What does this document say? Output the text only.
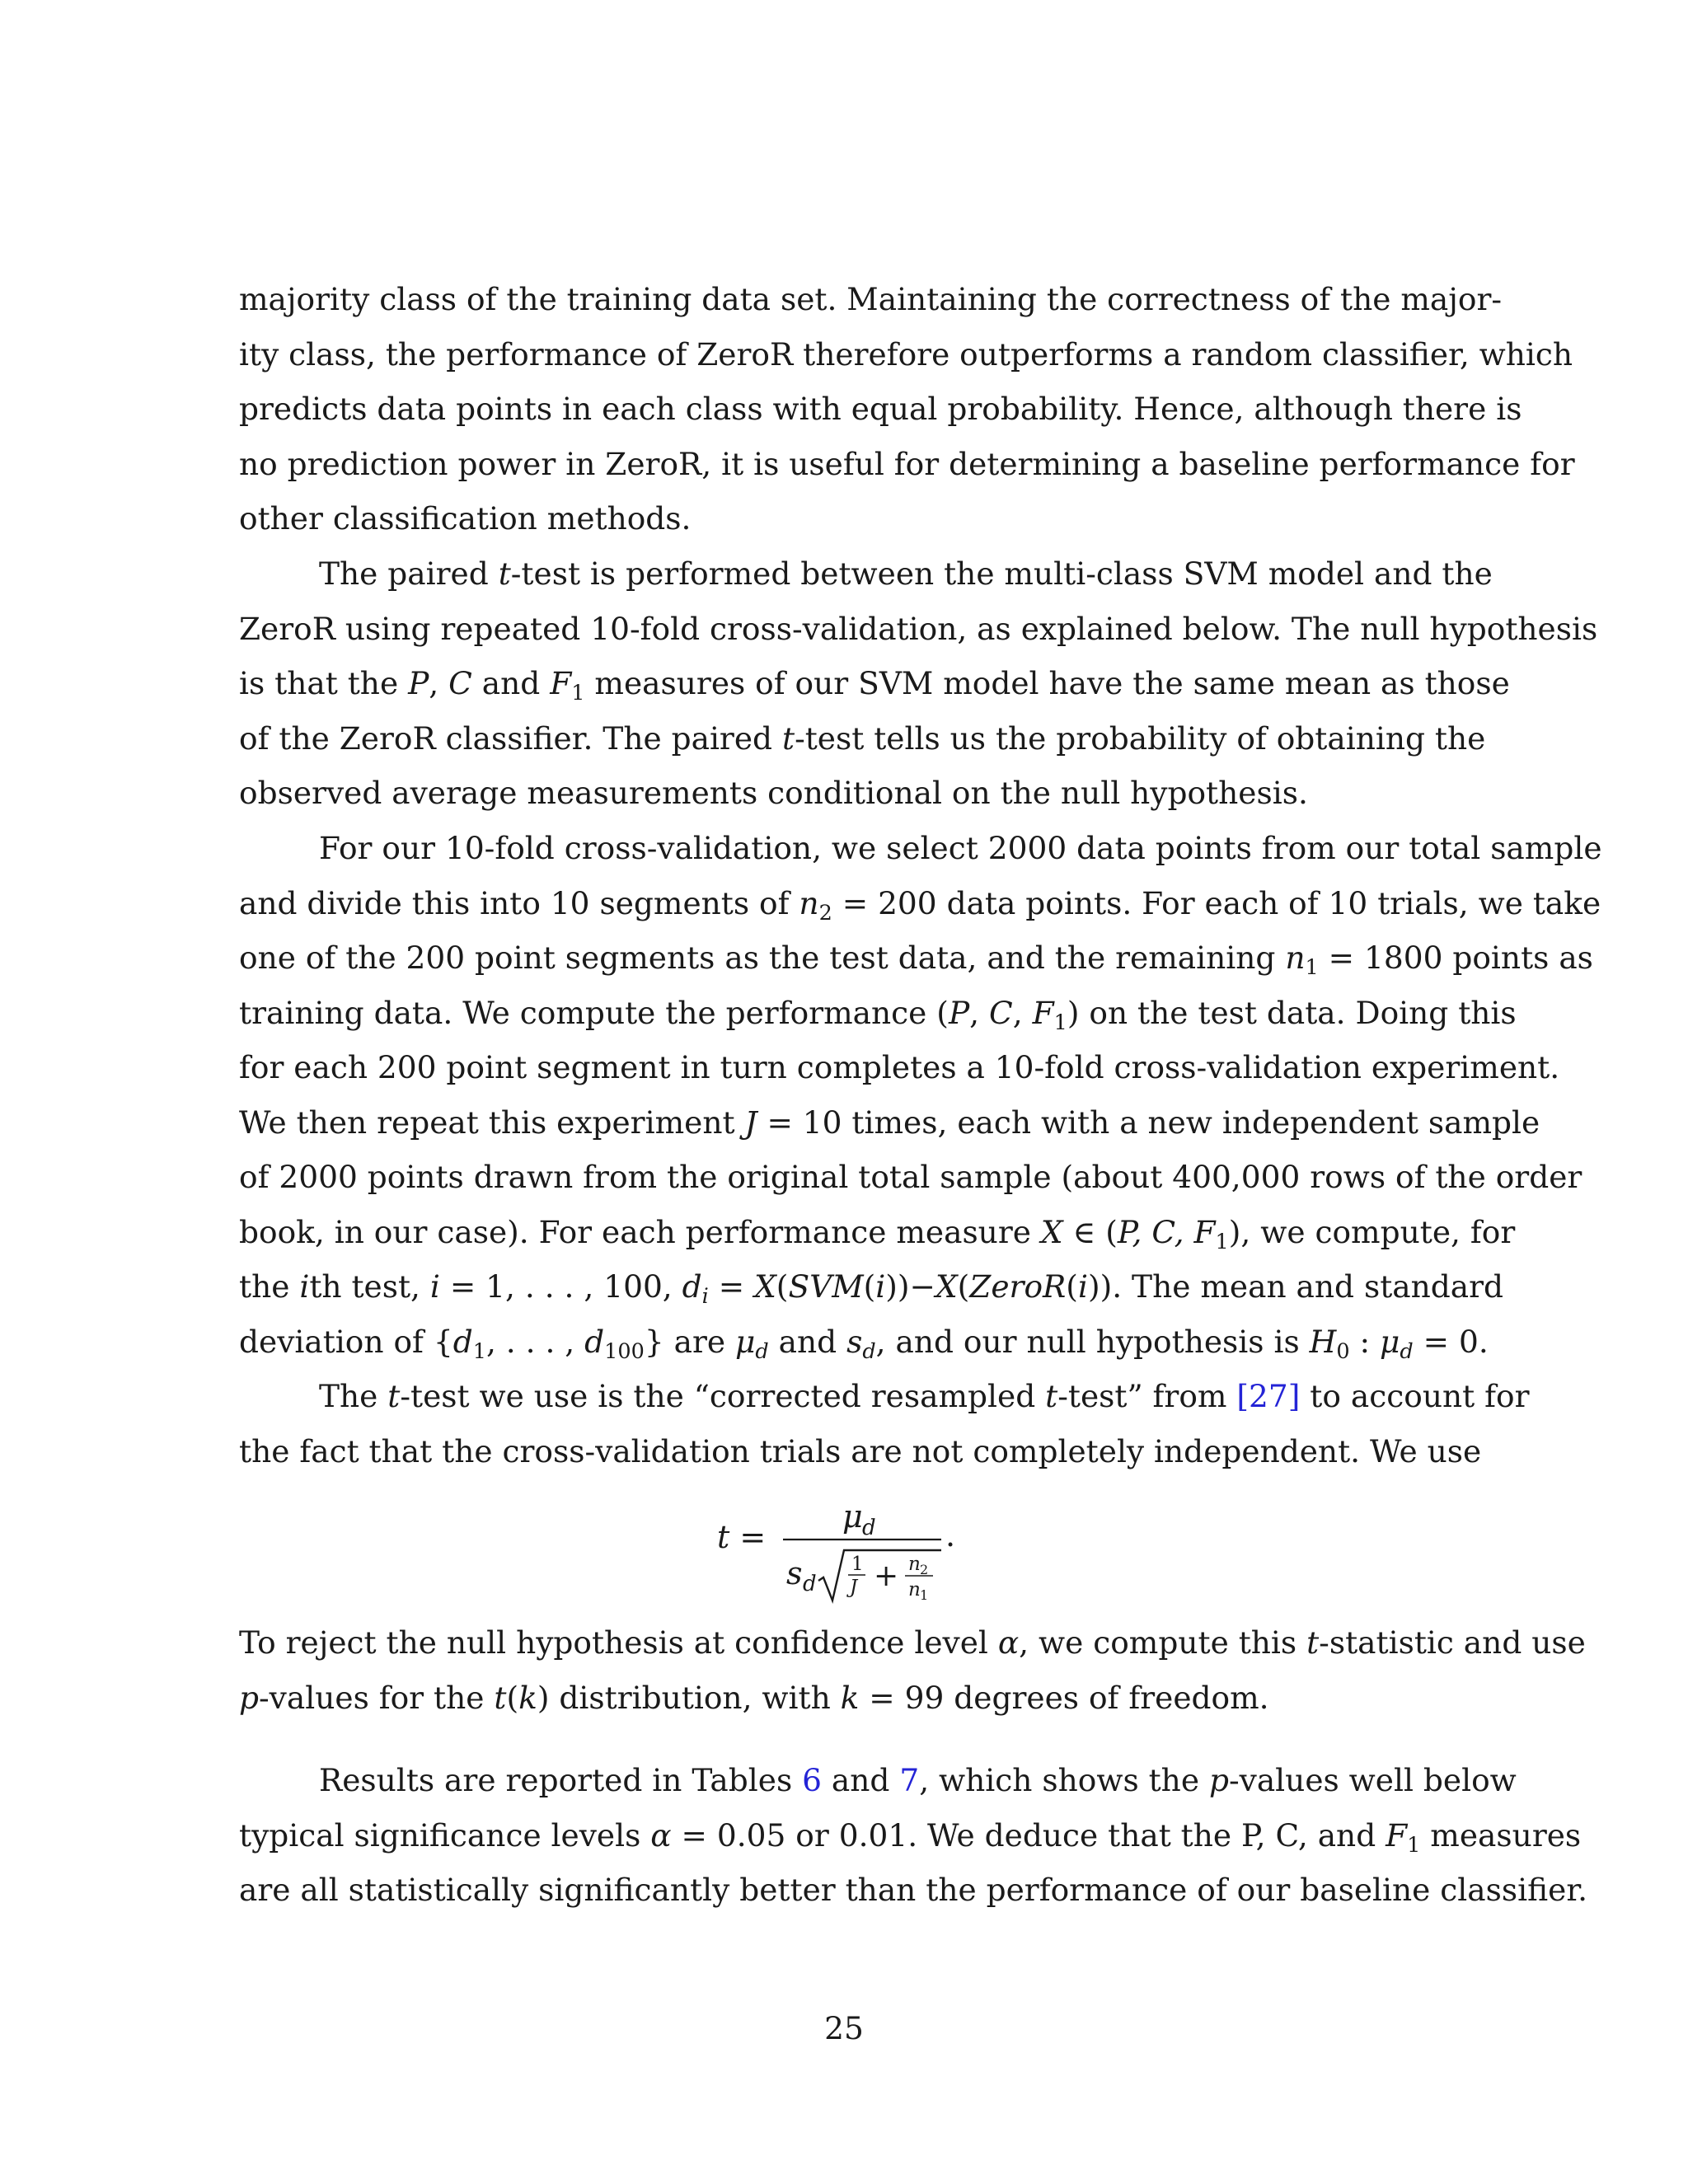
majority class of the training data set. Maintaining the correctness of the major-
ity class, the performance of ZeroR therefore outperforms a random classifier, which
predicts data points in each class with equal probability. Hence, although there is
no prediction power in ZeroR, it is useful for determining a baseline performance for
other classification methods.

The paired t-test is performed between the multi-class SVM model and the
ZeroR using repeated 10-fold cross-validation, as explained below. The null hypothesis
is that the P, C and $F_1$ measures of our SVM model have the same mean as those
of the ZeroR classifier. The paired t-test tells us the probability of obtaining the
observed average measurements conditional on the null hypothesis.

For our 10-fold cross-validation, we select 2000 data points from our total sample
and divide this into 10 segments of $n_2 = 200$ data points. For each of 10 trials, we take
one of the 200 point segments as the test data, and the remaining $n_1 = 1800$ points as
training data. We compute the performance (P, C, $F_1$) on the test data. Doing this
for each 200 point segment in turn completes a 10-fold cross-validation experiment.
We then repeat this experiment J = 10 times, each with a new independent sample
of 2000 points drawn from the original total sample (about 400,000 rows of the order
book, in our case). For each performance measure X ∈ (P, C, $F_1$), we compute, for
the ith test, i = 1, . . . , 100, $d_i$ = X(SVM(i))−X(ZeroR(i)). The mean and standard
deviation of {$d_1$, . . . , $d_{100}$} are $\mu_d$ and $s_d$, and our null hypothesis is $H_0$ : $\mu_d = 0$.

The t-test we use is the “corrected resampled t-test” from [27] to account for
the fact that the cross-validation trials are not completely independent. We use

t =
μ d .
s d
1
J + n 2
n 1

To reject the null hypothesis at confidence level α, we compute this t-statistic and use
p-values for the t(k) distribution, with k = 99 degrees of freedom.

Results are reported in Tables 6 and 7, which shows the p-values well below
typical significance levels α = 0.05 or 0.01. We deduce that the P, C, and $F_1$ measures
are all statistically significantly better than the performance of our baseline classifier.

25
